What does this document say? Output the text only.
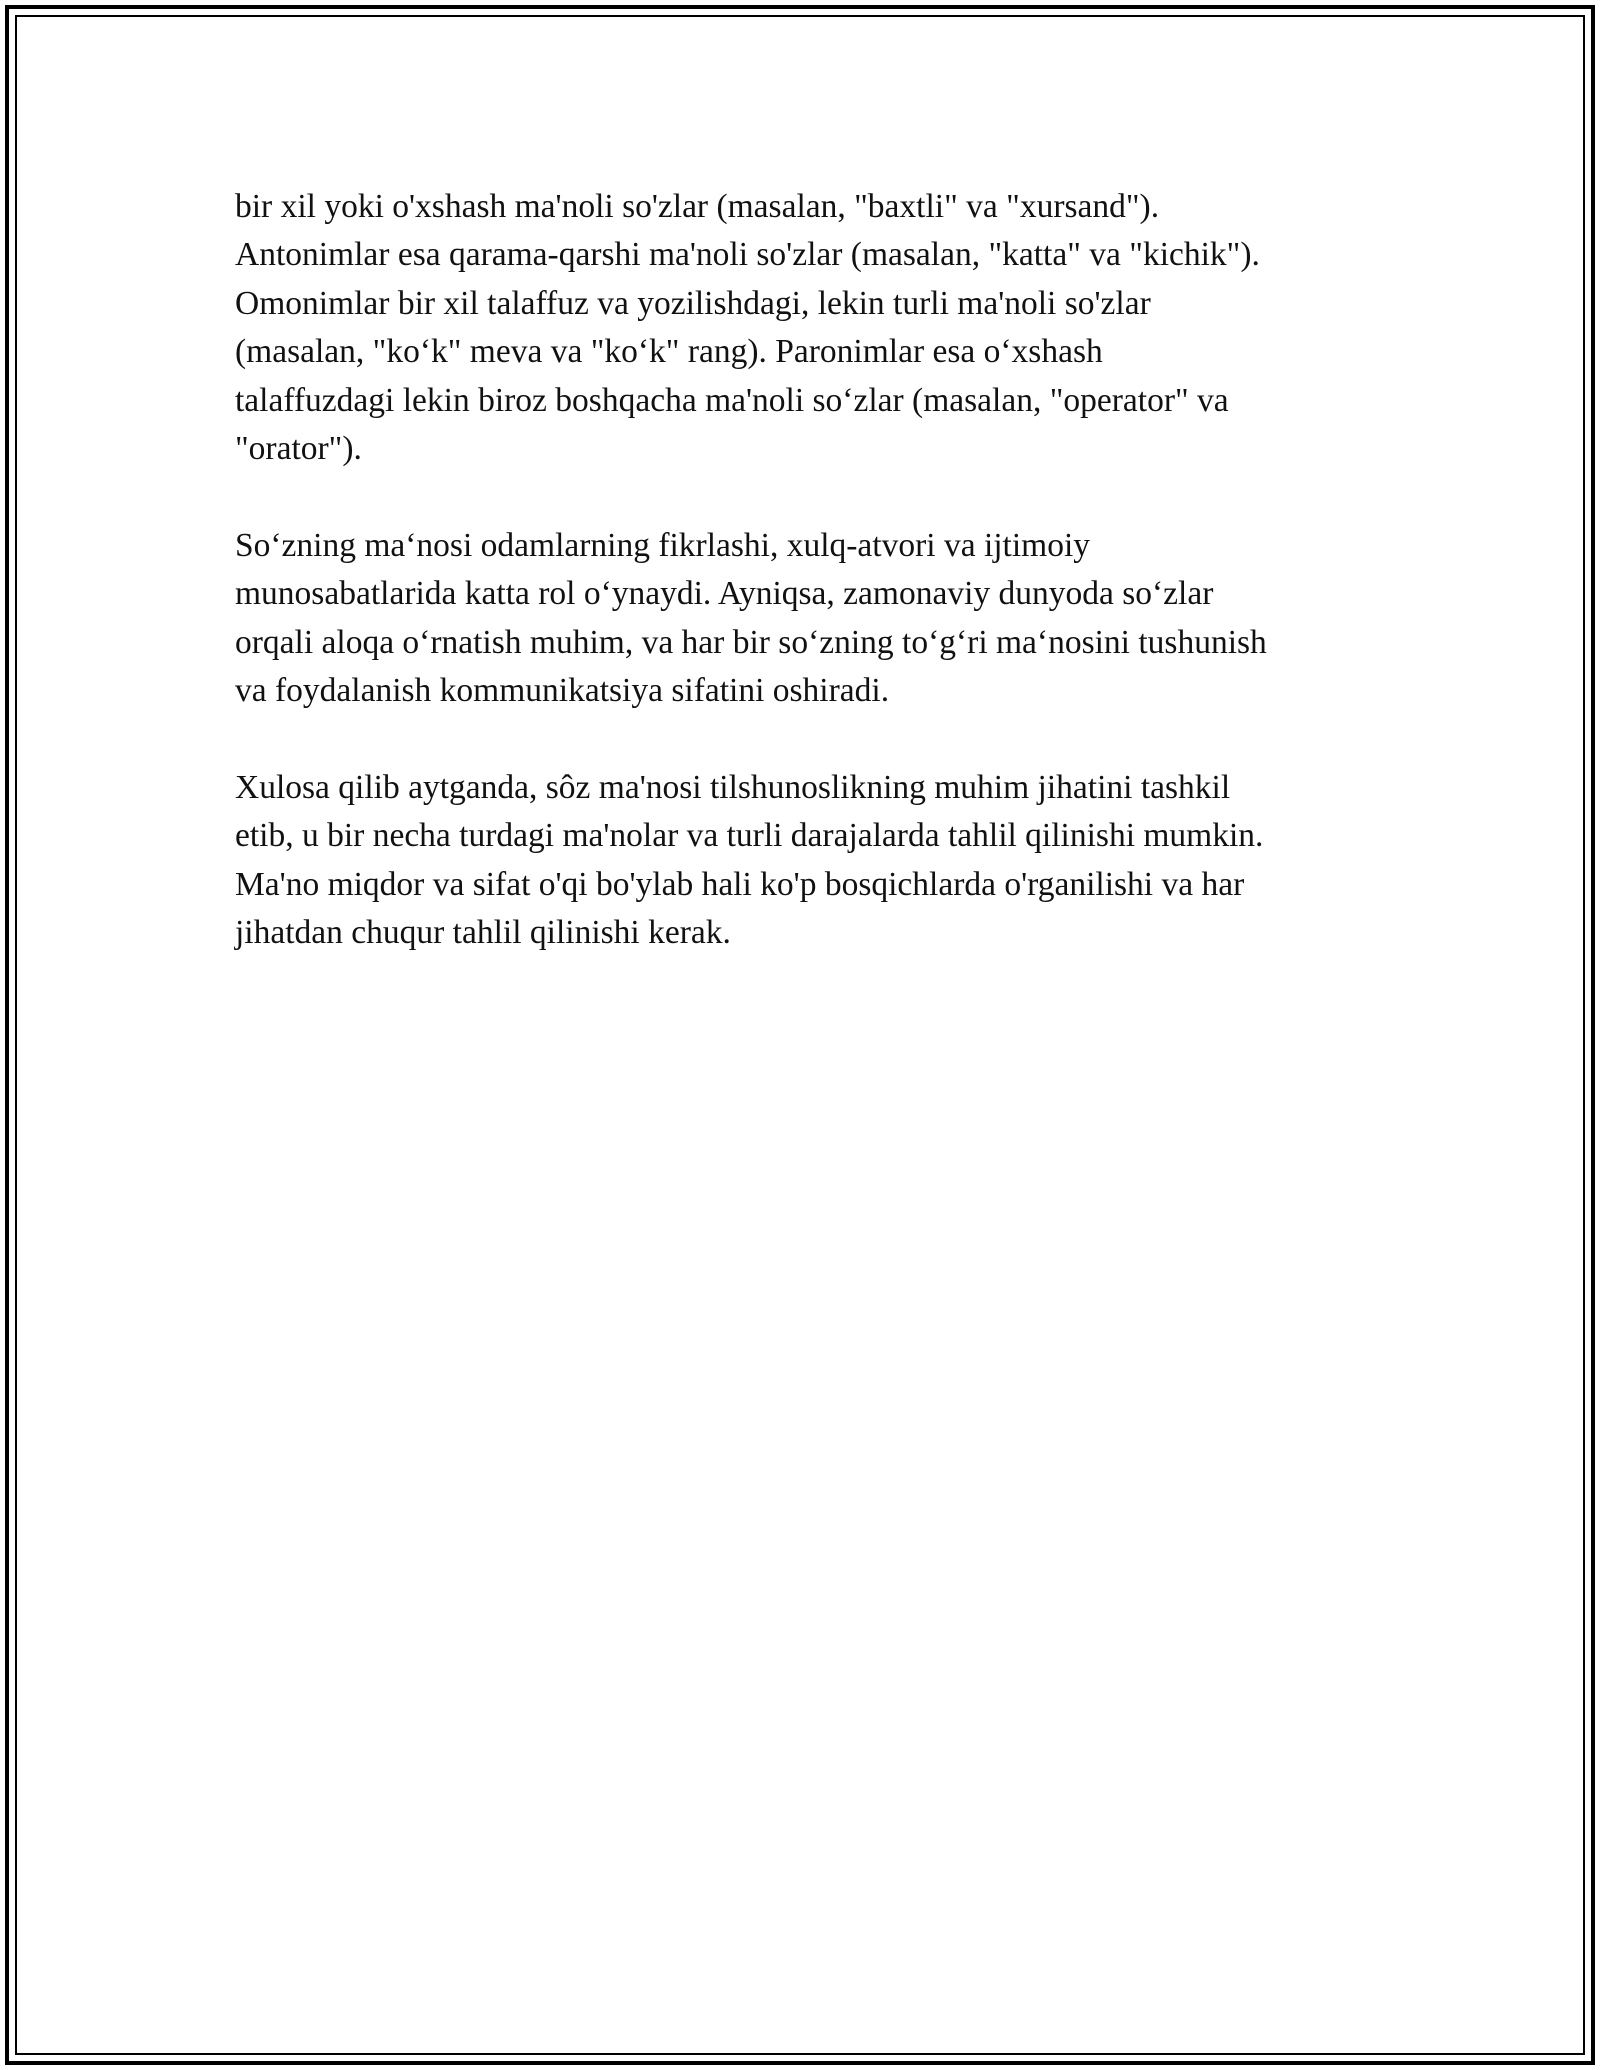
bir xil yoki o'xshash ma'noli so'zlar (masalan, "baxtli" va "xursand").
Antonimlar esa qarama-qarshi ma'noli so'zlar (masalan, "katta" va "kichik").
Omonimlar bir xil talaffuz va yozilishdagi, lekin turli ma'noli so'zlar
(masalan, "ko‘k" meva va "ko‘k" rang). Paronimlar esa o‘xshash
talaffuzdagi lekin biroz boshqacha ma'noli so‘zlar (masalan, "operator" va
"orator").

So‘zning ma‘nosi odamlarning fikrlashi, xulq-atvori va ijtimoiy
munosabatlarida katta rol o‘ynaydi. Ayniqsa, zamonaviy dunyoda so‘zlar
orqali aloqa o‘rnatish muhim, va har bir so‘zning to‘g‘ri ma‘nosini tushunish
va foydalanish kommunikatsiya sifatini oshiradi.

Xulosa qilib aytganda, sôz ma'nosi tilshunoslikning muhim jihatini tashkil
etib, u bir necha turdagi ma'nolar va turli darajalarda tahlil qilinishi mumkin.
Ma'no miqdor va sifat o'qi bo'ylab hali ko'p bosqichlarda o'rganilishi va har
jihatdan chuqur tahlil qilinishi kerak.
